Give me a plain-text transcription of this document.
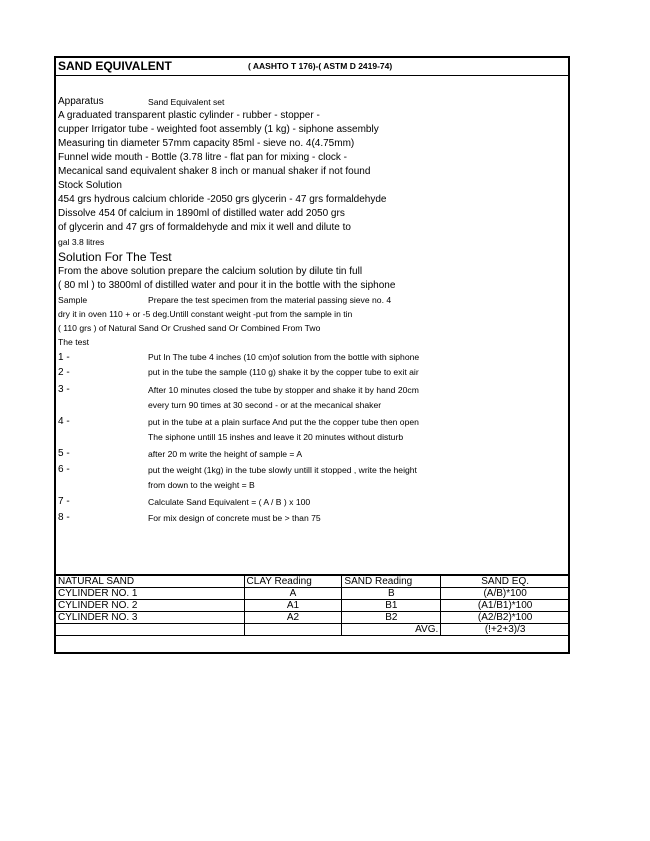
SAND EQUIVALENT	( AASHTO T 176)-( ASTM D 2419-74)
Apparatus	Sand Equivalent set
A graduated transparent plastic cylinder - rubber - stopper -
cupper Irrigator tube - weighted foot assembly (1 kg) - siphone assembly
Measuring tin diameter 57mm capacity 85ml - sieve no. 4(4.75mm)
Funnel wide mouth - Bottle (3.78 litre - flat pan for mixing - clock -
Mecanical sand equivalent shaker 8 inch or manual shaker if not found
Stock Solution
454 grs hydrous calcium chloride -2050 grs glycerin - 47 grs formaldehyde
Dissolve 454 0f calcium in 1890ml of distilled water add 2050 grs
of glycerin and 47 grs of formaldehyde and mix it well and dilute to
gal 3.8 litres
Solution For The Test
From the above solution prepare the calcium solution by dilute tin full
( 80 ml ) to 3800ml of distilled water and pour it in the bottle with the siphone
Sample	Prepare the test specimen from the material passing sieve no. 4
dry it in oven 110 + or -5 deg.Untill constant weight -put from the sample in tin
( 110 grs ) of Natural Sand Or Crushed sand Or Combined From Two
The test
1 -	Put In The tube 4 inches (10 cm)of solution from the bottle with siphone
2 -	put in the tube the sample (110 g) shake it by the copper tube to exit air
3 -	After 10 minutes closed the tube by stopper and shake it by hand 20cm
every turn 90 times at 30 second - or at the mecanical shaker
4 -	put in the tube at a plain surface And put the the copper tube then open
The siphone untill 15 inshes and leave it 20 minutes without disturb
5 -	after 20 m write the height of sample = A
6 -	put the weight (1kg) in the tube slowly untill it stopped , write the height
from down to the weight = B
7 -	Calculate Sand Equivalent = ( A / B ) x 100
8 -	For mix design of concrete must be > than 75
NATURAL SAND	CLAY Reading	SAND Reading	SAND EQ.
CYLINDER NO. 1	A	B	(A/B)*100
CYLINDER NO. 2	A1	B1	(A1/B1)*100
CYLINDER NO. 3	A2	B2	(A2/B2)*100
		AVG.	(!+2+3)/3
